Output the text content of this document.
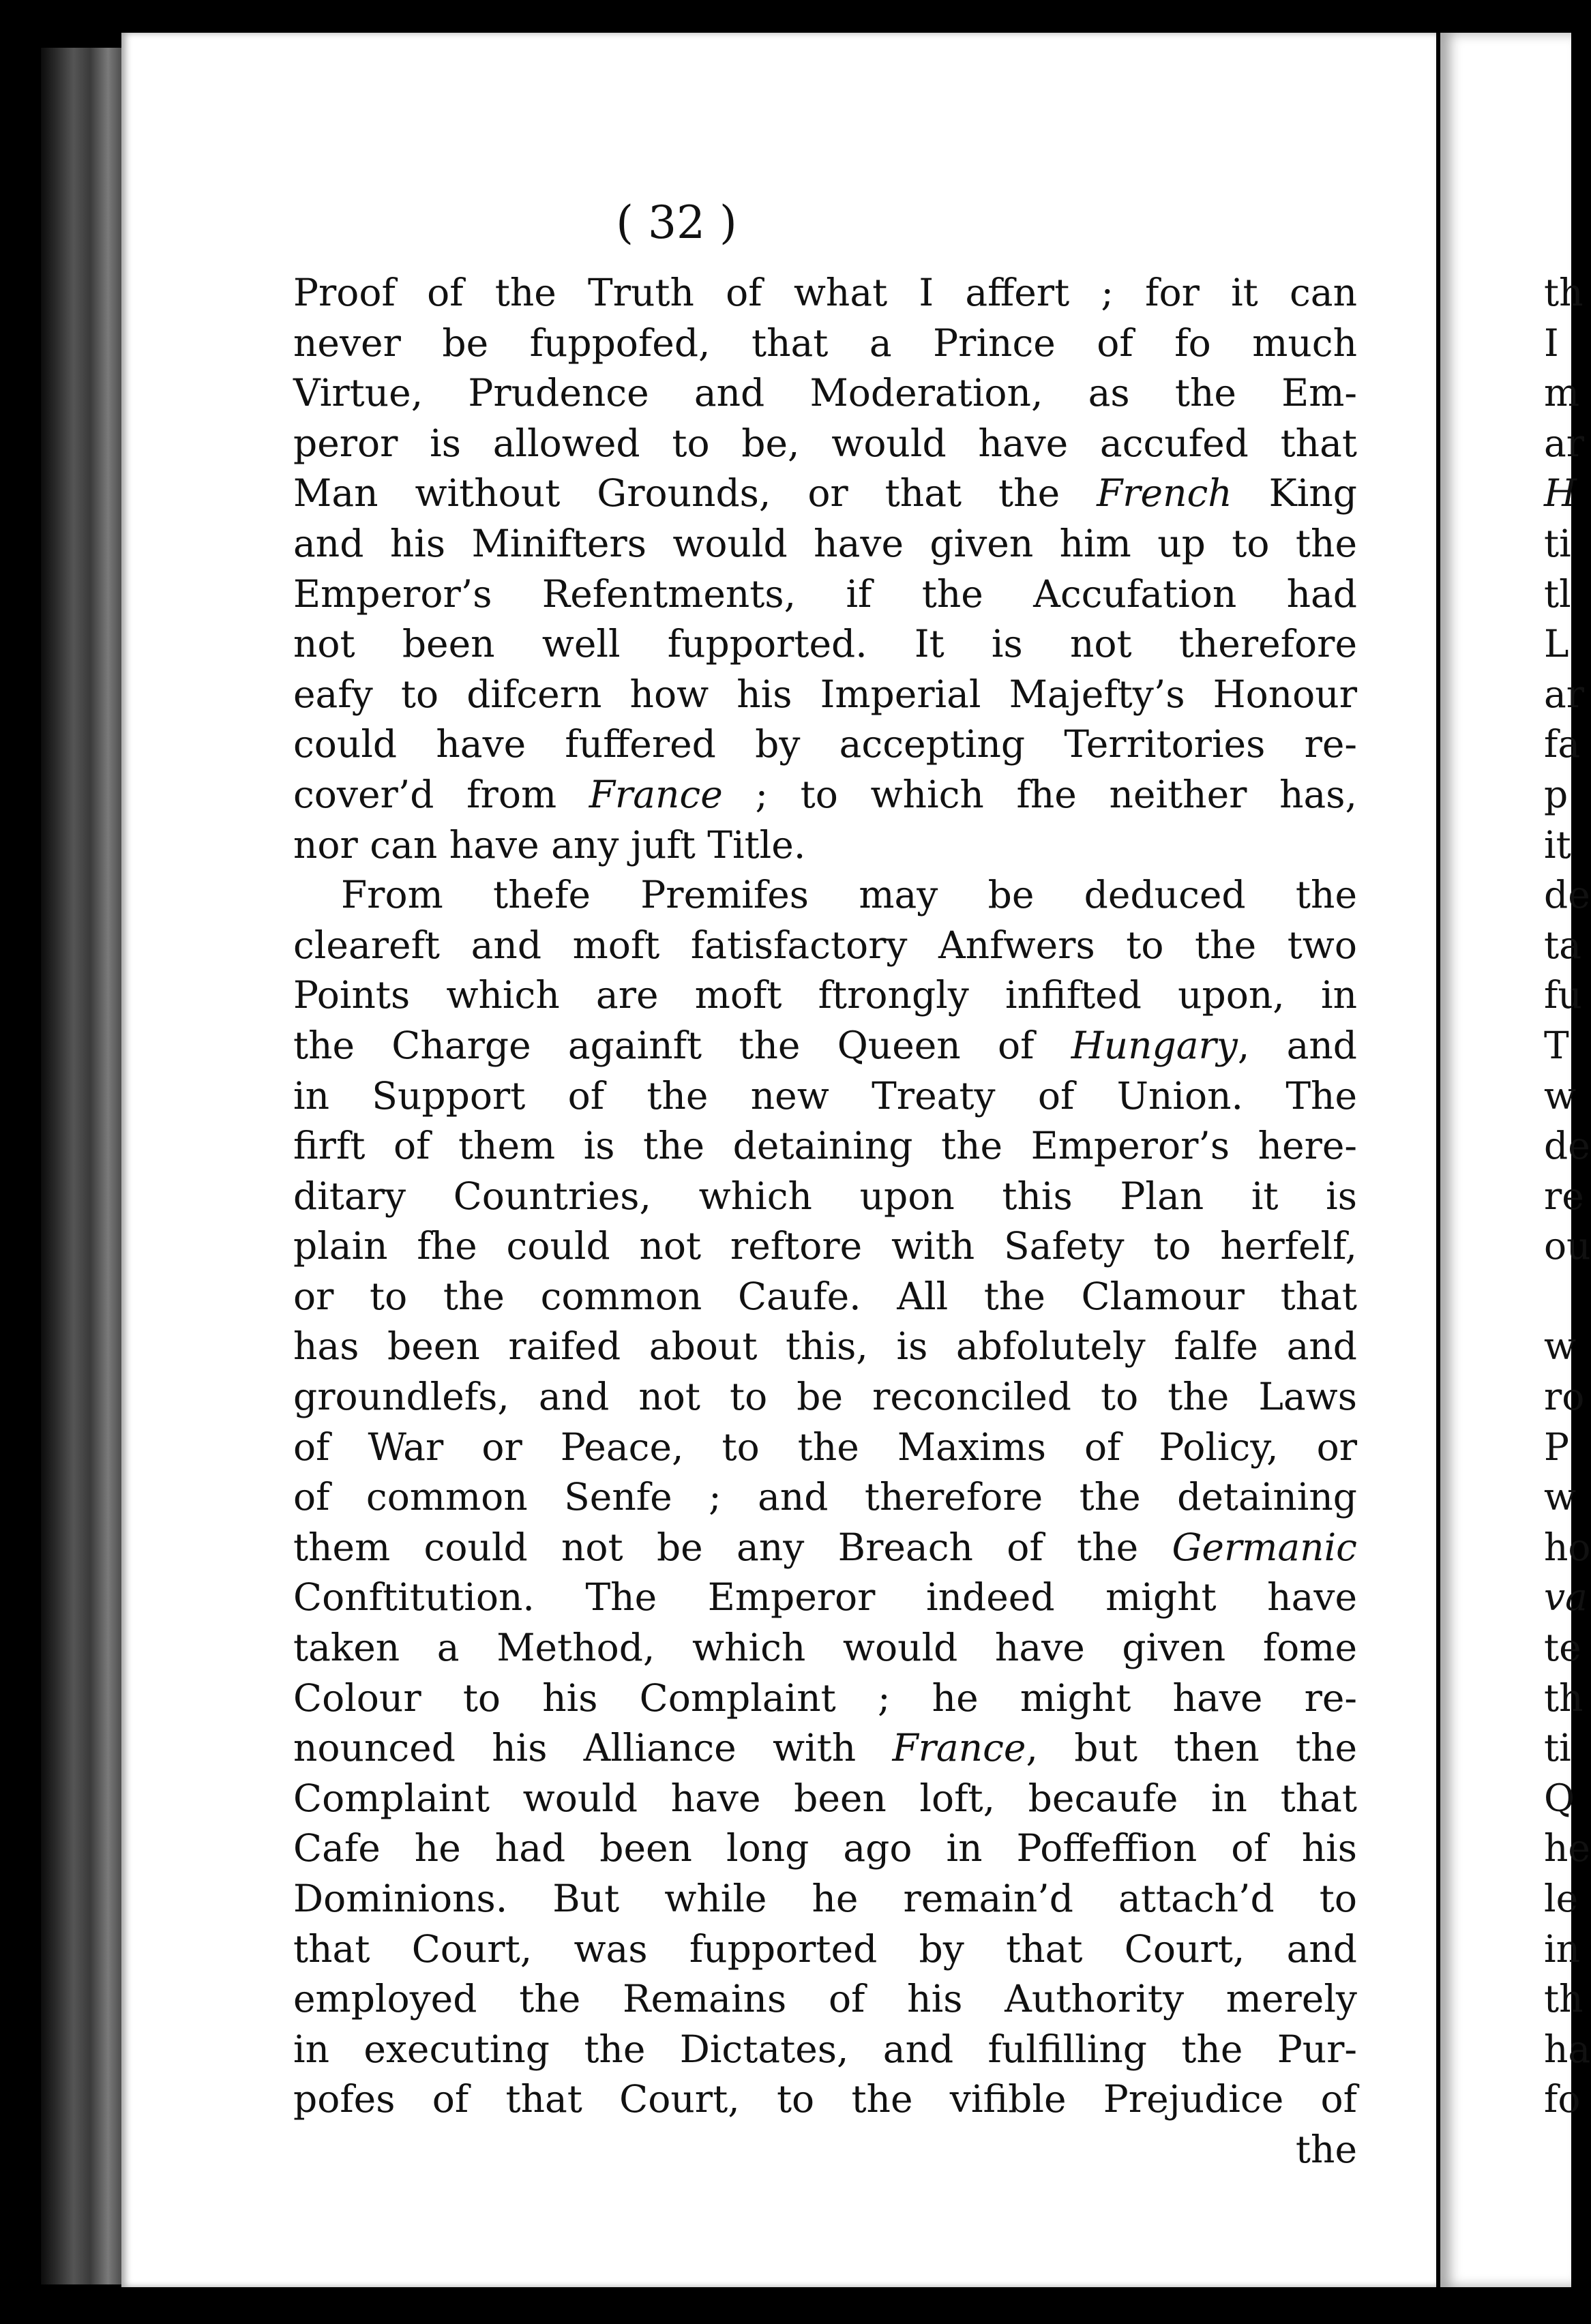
( 32 )
Proof of the Truth of what I affert ; for it can
never be fuppofed, that a Prince of fo much
Virtue, Prudence and Moderation, as the Em-
peror is allowed to be, would have accufed that
Man without Grounds, or that the French King
and his Minifters would have given him up to the
Emperor’s Refentments, if the Accufation had
not been well fupported. It is not therefore
eafy to difcern how his Imperial Majefty’s Honour
could have fuffered by accepting Territories re-
cover’d from France ; to which fhe neither has,
nor can have any juft Title.
From thefe Premifes may be deduced the
cleareft and moft fatisfactory Anfwers to the two
Points which are moft ftrongly infifted upon, in
the Charge againft the Queen of Hungary, and
in Support of the new Treaty of Union. The
firft of them is the detaining the Emperor’s here-
ditary Countries, which upon this Plan it is
plain fhe could not reftore with Safety to herfelf,
or to the common Caufe. All the Clamour that
has been raifed about this, is abfolutely falfe and
groundlefs, and not to be reconciled to the Laws
of War or Peace, to the Maxims of Policy, or
of common Senfe ; and therefore the detaining
them could not be any Breach of the Germanic
Conftitution. The Emperor indeed might have
taken a Method, which would have given fome
Colour to his Complaint ; he might have re-
nounced his Alliance with France, but then the
Complaint would have been loft, becaufe in that
Cafe he had been long ago in Poffeffion of his
Dominions. But while he remain’d attach’d to
that Court, was fupported by that Court, and
employed the Remains of his Authority merely
in executing the Dictates, and fulfilling the Pur-
pofes of that Court, to the vifible Prejudice of
the
th
I
m
ar
H
ti
tl
L
ar
fa
p
it
de
ta
fu
T
w
de
re
ou
w
ro
P
w
ho
va
te
th
ti
Q
he
le
in
th
ha
fo
